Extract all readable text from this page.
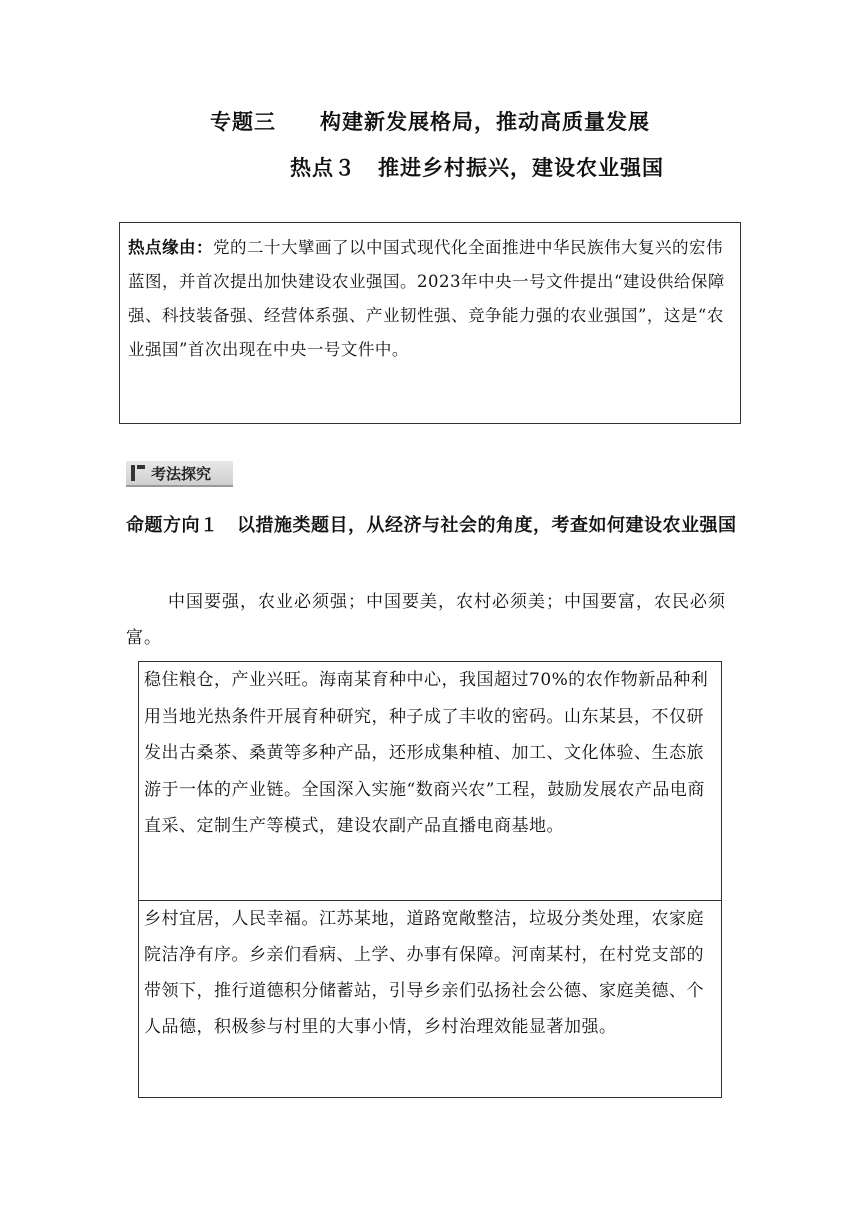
专题三　　构建新发展格局，推动高质量发展
热点３　推进乡村振兴，建设农业强国
热点缘由：党的二十大擘画了以中国式现代化全面推进中华民族伟大复兴的宏伟蓝图，并首次提出加快建设农业强国。2023年中央一号文件提出“建设供给保障强、科技装备强、经营体系强、产业韧性强、竞争能力强的农业强国”，这是“农业强国”首次出现在中央一号文件中。
考法探究
命题方向１　以措施类题目，从经济与社会的角度，考查如何建设农业强国
中国要强，农业必须强；中国要美，农村必须美；中国要富，农民必须富。
稳住粮仓，产业兴旺。海南某育种中心，我国超过70%的农作物新品种利用当地光热条件开展育种研究，种子成了丰收的密码。山东某县，不仅研发出古桑茶、桑黄等多种产品，还形成集种植、加工、文化体验、生态旅游于一体的产业链。全国深入实施“数商兴农”工程，鼓励发展农产品电商直采、定制生产等模式，建设农副产品直播电商基地。
乡村宜居，人民幸福。江苏某地，道路宽敞整洁，垃圾分类处理，农家庭院洁净有序。乡亲们看病、上学、办事有保障。河南某村，在村党支部的带领下，推行道德积分储蓄站，引导乡亲们弘扬社会公德、家庭美德、个人品德，积极参与村里的大事小情，乡村治理效能显著加强。
